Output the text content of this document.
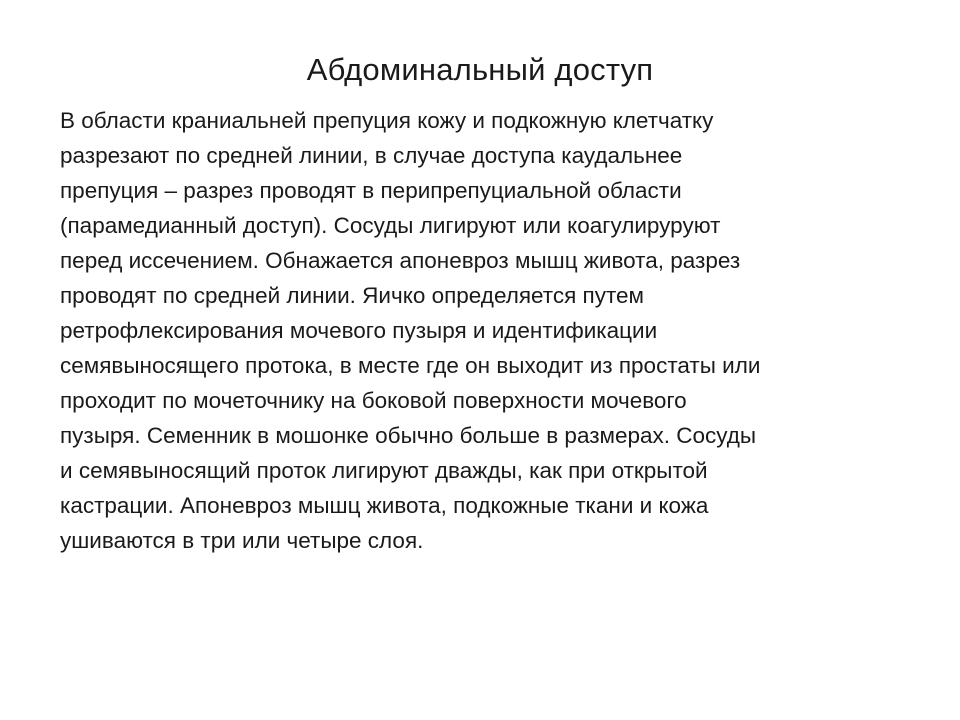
Абдоминальный доступ
В области краниальней препуция кожу и подкожную клетчатку
разрезают по средней линии, в случае доступа каудальнее
препуция – разрез проводят в перипрепуциальной области
(парамедианный доступ). Сосуды лигируют или коагулируруют
перед иссечением. Обнажается апоневроз мышц живота, разрез
проводят по средней линии. Яичко определяется путем
ретрофлексирования мочевого пузыря и идентификации
семявыносящего протока, в месте где он выходит из простаты или
проходит по мочеточнику на боковой поверхности мочевого
пузыря. Семенник в мошонке обычно больше в размерах. Сосуды
и семявыносящий проток лигируют дважды, как при открытой
кастрации. Апоневроз мышц живота, подкожные ткани и кожа
ушиваются в три или четыре слоя.
